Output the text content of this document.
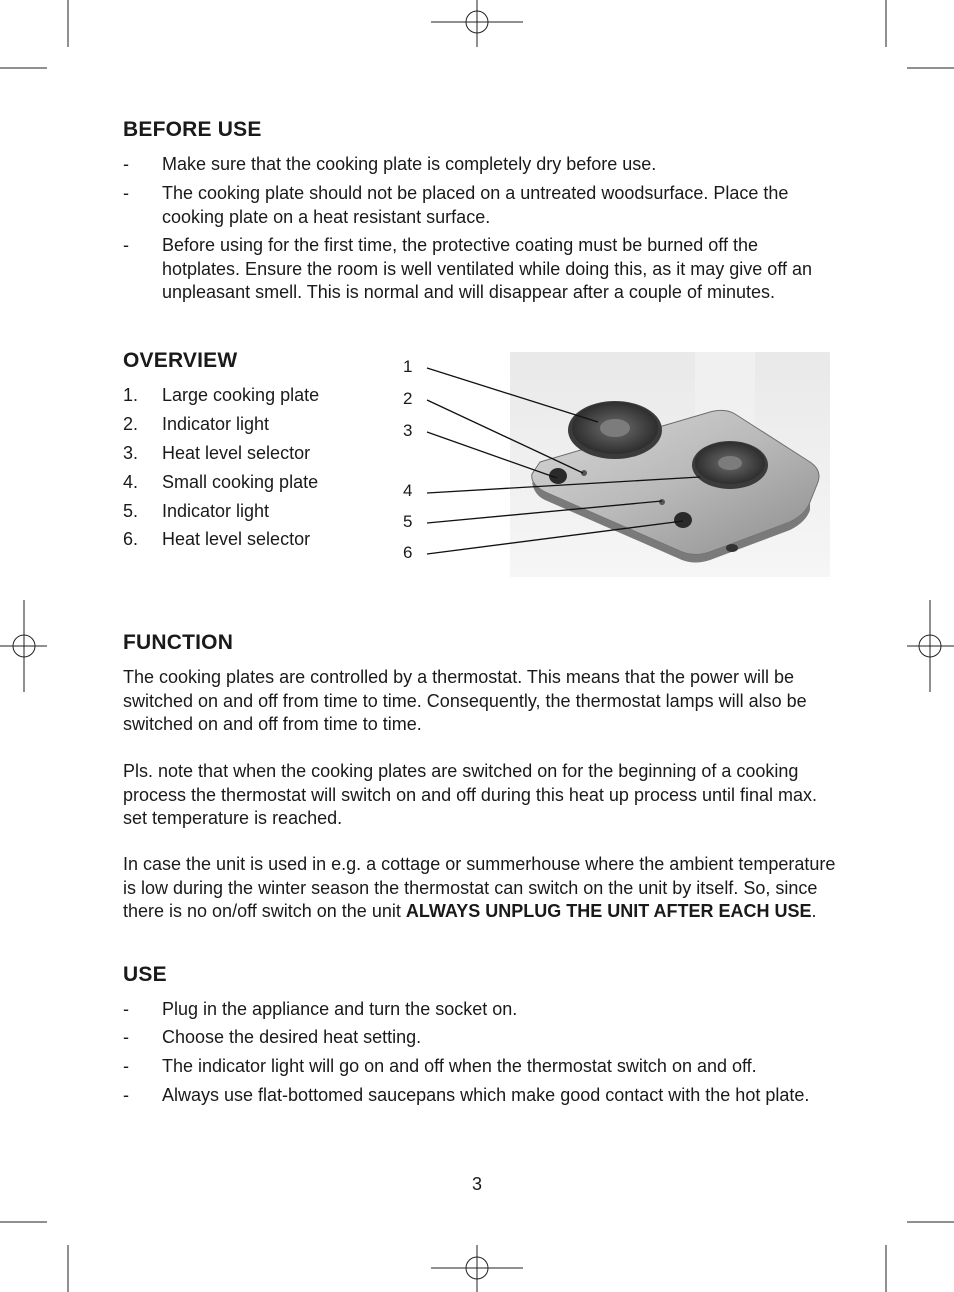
BEFORE USE
- Make sure that the cooking plate is completely dry before use.
- The cooking plate should not be placed on a untreated woodsurface. Place the cooking plate on a heat resistant surface.
- Before using for the first time, the protective coating must be burned off the hotplates. Ensure the room is well ventilated while doing this, as it may give off an unpleasant smell. This is normal and will disappear after a couple of minutes.
OVERVIEW
1. Large cooking plate
2. Indicator light
3. Heat level selector
4. Small cooking plate
5. Indicator light
6. Heat level selector
1
2
3
4
5
6
FUNCTION

The cooking plates are controlled by a thermostat. This means that the power will be switched on and off from time to time. Consequently, the thermostat lamps will also be switched on and off from time to time.

Pls. note that when the cooking plates are switched on for the beginning of a cooking process the thermostat will switch on and off during this heat up process until final max. set temperature is reached.

In case the unit is used in e.g. a cottage or summerhouse where the ambient temperature is low during the winter season the thermostat can switch on the unit by itself. So, since there is no on/off switch on the unit ALWAYS UNPLUG THE UNIT AFTER EACH USE.

USE
- Plug in the appliance and turn the socket on.
- Choose the desired heat setting.
- The indicator light will go on and off when the thermostat switch on and off.
- Always use flat-bottomed saucepans which make good contact with the hot plate.
3
